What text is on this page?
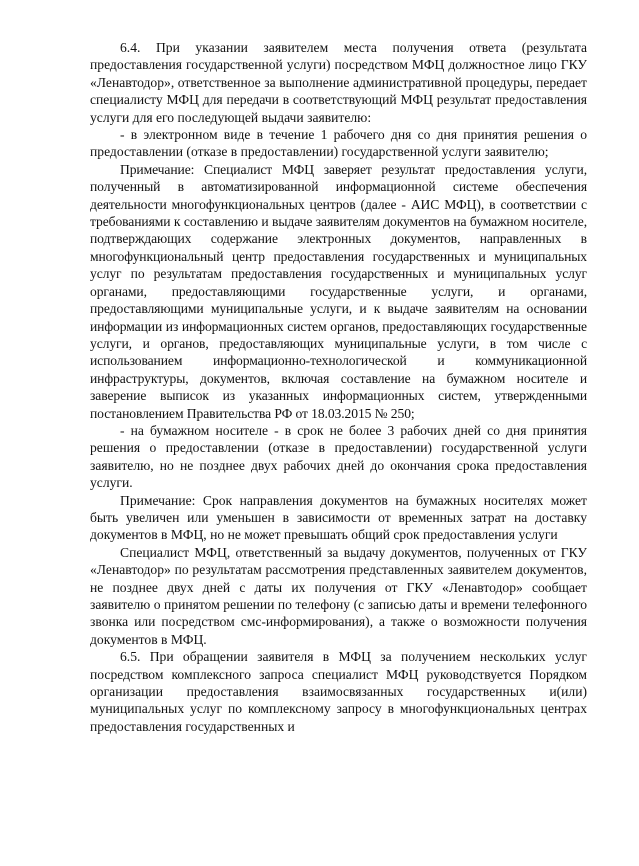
6.4. При указании заявителем места получения ответа (результата предоставления государственной услуги) посредством МФЦ должностное лицо ГКУ «Ленавтодор», ответственное за выполнение административной процедуры, передает специалисту МФЦ для передачи в соответствующий МФЦ результат предоставления услуги для его последующей выдачи заявителю:

- в электронном виде в течение 1 рабочего дня со дня принятия решения о предоставлении (отказе в предоставлении) государственной услуги заявителю;

Примечание: Специалист МФЦ заверяет результат предоставления услуги, полученный в автоматизированной информационной системе обеспечения деятельности многофункциональных центров (далее - АИС МФЦ), в соответствии с требованиями к составлению и выдаче заявителям документов на бумажном носителе, подтверждающих содержание электронных документов, направленных в многофункциональный центр предоставления государственных и муниципальных услуг по результатам предоставления государственных и муниципальных услуг органами, предоставляющими государственные услуги, и органами, предоставляющими муниципальные услуги, и к выдаче заявителям на основании информации из информационных систем органов, предоставляющих государственные услуги, и органов, предоставляющих муниципальные услуги, в том числе с использованием информационно-технологической и коммуникационной инфраструктуры, документов, включая составление на бумажном носителе и заверение выписок из указанных информационных систем, утвержденными постановлением Правительства РФ от 18.03.2015 № 250;

- на бумажном носителе - в срок не более 3 рабочих дней со дня принятия решения о предоставлении (отказе в предоставлении) государственной услуги заявителю, но не позднее двух рабочих дней до окончания срока предоставления услуги.

Примечание: Срок направления документов на бумажных носителях может быть увеличен или уменьшен в зависимости от временных затрат на доставку документов в МФЦ, но не может превышать общий срок предоставления услуги

Специалист МФЦ, ответственный за выдачу документов, полученных от ГКУ «Ленавтодор» по результатам рассмотрения представленных заявителем документов, не позднее двух дней с даты их получения от ГКУ «Ленавтодор» сообщает заявителю о принятом решении по телефону (с записью даты и времени телефонного звонка или посредством смс-информирования), а также о возможности получения документов в МФЦ.

6.5. При обращении заявителя в МФЦ за получением нескольких услуг посредством комплексного запроса специалист МФЦ руководствуется Порядком организации предоставления взаимосвязанных государственных и(или) муниципальных услуг по комплексному запросу в многофункциональных центрах предоставления государственных и
